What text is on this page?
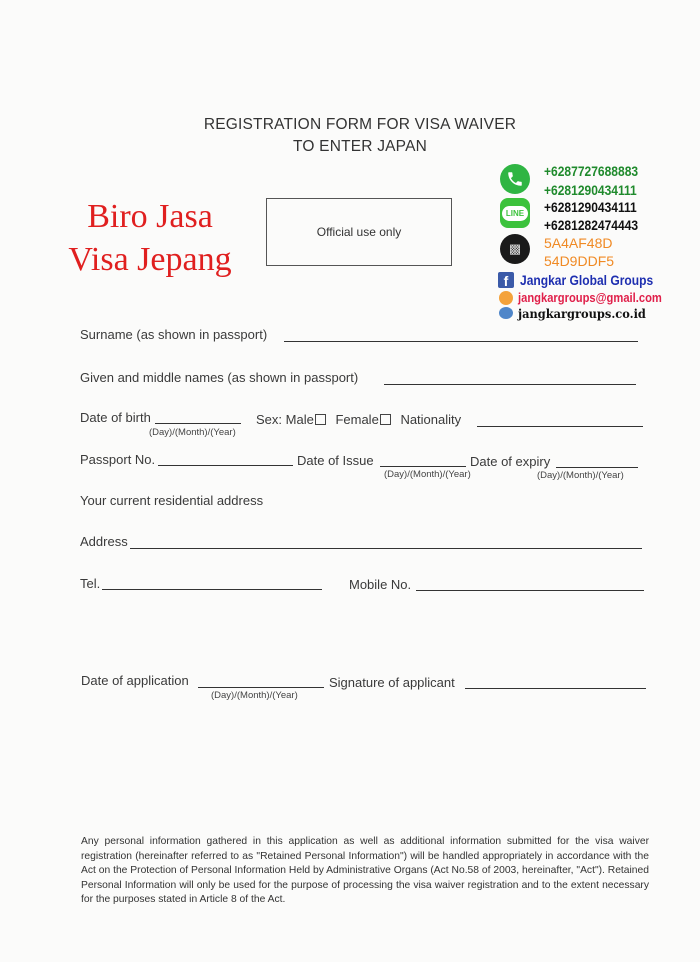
REGISTRATION FORM FOR VISA WAIVER
TO ENTER JAPAN
Biro Jasa
Visa Jepang
Official use only
LINE
▩
f
+6287727688883
+6281290434111
+6281290434111
+6281282474443
5A4AF48D
54D9DDF5
Jangkar Global Groups
jangkargroups@gmail.com
jangkargroups.co.id
Surname (as shown in passport)
Given and middle names (as shown in passport)
Date of birth
(Day)/(Month)/(Year)
Sex: Male Female Nationality
Passport No.	Date of Issue
(Day)/(Month)/(Year)
Date of expiry
(Day)/(Month)/(Year)
Your current residential address
Address
Tel.	Mobile No.
Date of application
(Day)/(Month)/(Year)
Signature of applicant
Any personal information gathered in this application as well as additional information submitted for the visa waiver registration (hereinafter referred to as "Retained Personal Information") will be handled appropriately in accordance with the Act on the Protection of Personal Information Held by Administrative Organs (Act No.58 of 2003, hereinafter, "Act"). Retained Personal Information will only be used for the purpose of processing the visa waiver registration and to the extent necessary for the purposes stated in Article 8 of the Act.
